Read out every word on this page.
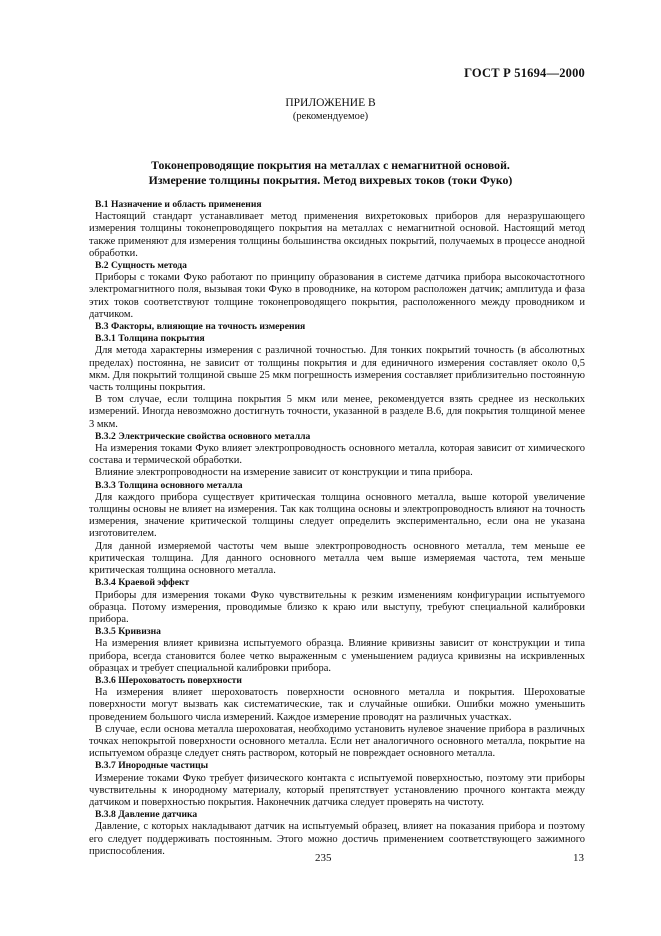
ГОСТ Р 51694—2000
ПРИЛОЖЕНИЕ В
(рекомендуемое)
Токонепроводящие покрытия на металлах с немагнитной основой.
Измерение толщины покрытия. Метод вихревых токов (токи Фуко)
В.1 Назначение и область применения

Настоящий стандарт устанавливает метод применения вихретоковых приборов для неразрушающего измерения толщины токонепроводящего покрытия на металлах с немагнитной основой. Настоящий метод также применяют для измерения толщины большинства оксидных покрытий, получаемых в процессе анодной обработки.

В.2 Сущность метода

Приборы с токами Фуко работают по принципу образования в системе датчика прибора высокочастотного электромагнитного поля, вызывая токи Фуко в проводнике, на котором расположен датчик; амплитуда и фаза этих токов соответствуют толщине токонепроводящего покрытия, расположенного между проводником и датчиком.

В.3 Факторы, влияющие на точность измерения
В.3.1 Толщина покрытия

Для метода характерны измерения с различной точностью. Для тонких покрытий точность (в абсолютных пределах) постоянна, не зависит от толщины покрытия и для единичного измерения составляет около 0,5 мкм. Для покрытий толщиной свыше 25 мкм погрешность измерения составляет приблизительно постоянную часть толщины покрытия.

В том случае, если толщина покрытия 5 мкм или менее, рекомендуется взять среднее из нескольких измерений. Иногда невозможно достигнуть точности, указанной в разделе В.6, для покрытия толщиной менее 3 мкм.

В.3.2 Электрические свойства основного металла

На измерения токами Фуко влияет электропроводность основного металла, которая зависит от химического состава и термической обработки.

Влияние электропроводности на измерение зависит от конструкции и типа прибора.

В.3.3 Толщина основного металла

Для каждого прибора существует критическая толщина основного металла, выше которой увеличение толщины основы не влияет на измерения. Так как толщина основы и электропроводность влияют на точность измерения, значение критической толщины следует определить экспериментально, если она не указана изготовителем.

Для данной измеряемой частоты чем выше электропроводность основного металла, тем меньше ее критическая толщина. Для данного основного металла чем выше измеряемая частота, тем меньше критическая толщина основного металла.

В.3.4 Краевой эффект

Приборы для измерения токами Фуко чувствительны к резким изменениям конфигурации испытуемого образца. Потому измерения, проводимые близко к краю или выступу, требуют специальной калибровки прибора.

В.3.5 Кривизна

На измерения влияет кривизна испытуемого образца. Влияние кривизны зависит от конструкции и типа прибора, всегда становится более четко выраженным с уменьшением радиуса кривизны на искривленных образцах и требует специальной калибровки прибора.

В.3.6 Шероховатость поверхности

На измерения влияет шероховатость поверхности основного металла и покрытия. Шероховатые поверхности могут вызвать как систематические, так и случайные ошибки. Ошибки можно уменьшить проведением большого числа измерений. Каждое измерение проводят на различных участках.

В случае, если основа металла шероховатая, необходимо установить нулевое значение прибора в различных точках непокрытой поверхности основного металла. Если нет аналогичного основного металла, покрытие на испытуемом образце следует снять раствором, который не повреждает основного металла.

В.3.7 Инородные частицы

Измерение токами Фуко требует физического контакта с испытуемой поверхностью, поэтому эти приборы чувствительны к инородному материалу, который препятствует установлению прочного контакта между датчиком и поверхностью покрытия. Наконечник датчика следует проверять на чистоту.

В.3.8 Давление датчика

Давление, с которых накладывают датчик на испытуемый образец, влияет на показания прибора и поэтому его следует поддерживать постоянным. Этого можно достичь применением соответствующего зажимного приспособления.

235	13
